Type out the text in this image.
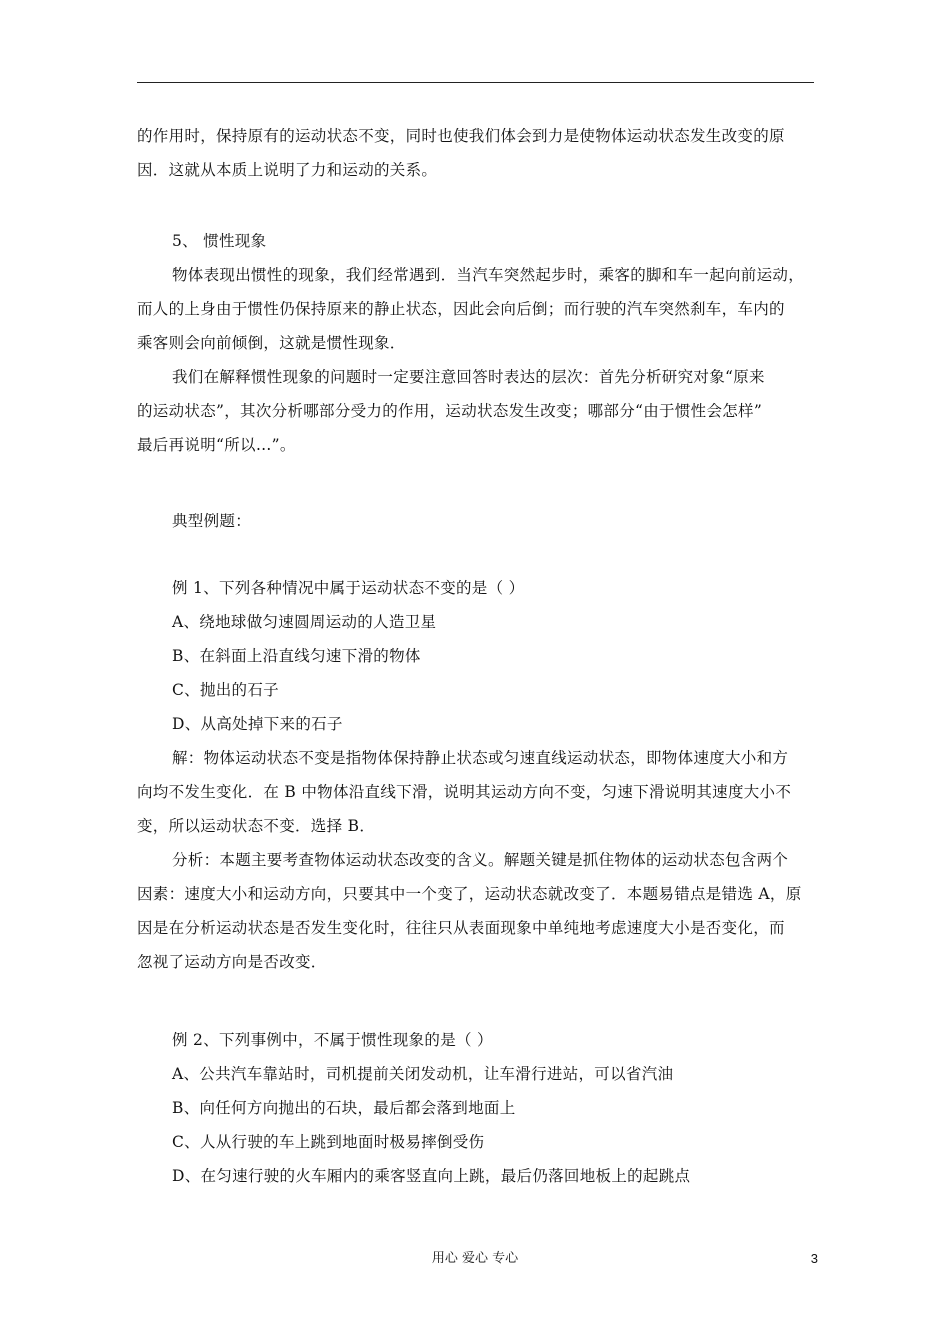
的作用时，保持原有的运动状态不变，同时也使我们体会到力是使物体运动状态发生改变的原
因．这就从本质上说明了力和运动的关系。
5、 惯性现象
物体表现出惯性的现象，我们经常遇到．当汽车突然起步时，乘客的脚和车一起向前运动，
而人的上身由于惯性仍保持原来的静止状态，因此会向后倒；而行驶的汽车突然刹车，车内的
乘客则会向前倾倒，这就是惯性现象．
我们在解释惯性现象的问题时一定要注意回答时表达的层次：首先分析研究对象“原来
的运动状态”，其次分析哪部分受力的作用，运动状态发生改变；哪部分“由于惯性会怎样”
最后再说明“所以…”。
典型例题：
例 1、下列各种情况中属于运动状态不变的是（ ）
A、绕地球做匀速圆周运动的人造卫星
B、在斜面上沿直线匀速下滑的物体
C、抛出的石子
D、从高处掉下来的石子
解：物体运动状态不变是指物体保持静止状态或匀速直线运动状态，即物体速度大小和方
向均不发生变化．在 B 中物体沿直线下滑，说明其运动方向不变，匀速下滑说明其速度大小不
变，所以运动状态不变．选择 B．
分析：本题主要考查物体运动状态改变的含义。解题关键是抓住物体的运动状态包含两个
因素：速度大小和运动方向，只要其中一个变了，运动状态就改变了．本题易错点是错选 A，原
因是在分析运动状态是否发生变化时，往往只从表面现象中单纯地考虑速度大小是否变化，而
忽视了运动方向是否改变．
例 2、下列事例中，不属于惯性现象的是（ ）
A、公共汽车靠站时，司机提前关闭发动机，让车滑行进站，可以省汽油
B、向任何方向抛出的石块，最后都会落到地面上
C、人从行驶的车上跳到地面时极易摔倒受伤
D、在匀速行驶的火车厢内的乘客竖直向上跳，最后仍落回地板上的起跳点
用心 爱心 专心	3
